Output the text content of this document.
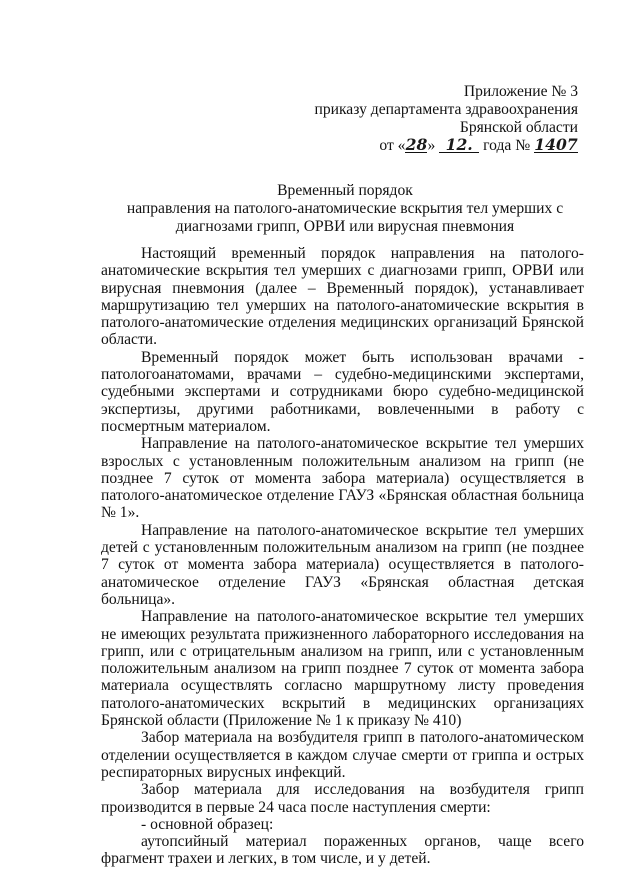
Приложение № 3
приказу департамента здравоохранения
Брянской области
от «28» 12. года № 1407
Временный порядок
направления на патолого-анатомические вскрытия тел умерших с
диагнозами грипп, ОРВИ или вирусная пневмония

Настоящий временный порядок направления на патолого-анатомические вскрытия тел умерших с диагнозами грипп, ОРВИ или вирусная пневмония (далее – Временный порядок), устанавливает маршрутизацию тел умерших на патолого-анатомические вскрытия в патолого-анатомические отделения медицинских организаций Брянской области.

Временный порядок может быть использован врачами - патологоанатомами, врачами – судебно-медицинскими экспертами, судебными экспертами и сотрудниками бюро судебно-медицинской экспертизы, другими работниками, вовлеченными в работу с посмертным материалом.

Направление на патолого-анатомическое вскрытие тел умерших взрослых с установленным положительным анализом на грипп (не позднее 7 суток от момента забора материала) осуществляется в патолого-анатомическое отделение ГАУЗ «Брянская областная больница № 1».

Направление на патолого-анатомическое вскрытие тел умерших детей с установленным положительным анализом на грипп (не позднее 7 суток от момента забора материала) осуществляется в патолого-анатомическое отделение ГАУЗ «Брянская областная детская больница».

Направление на патолого-анатомическое вскрытие тел умерших не имеющих результата прижизненного лабораторного исследования на грипп, или с отрицательным анализом на грипп, или с установленным положительным анализом на грипп позднее 7 суток от момента забора материала осуществлять согласно маршрутному листу проведения патолого-анатомических вскрытий в медицинских организациях Брянской области (Приложение № 1 к приказу № 410)

Забор материала на возбудителя грипп в патолого-анатомическом отделении осуществляется в каждом случае смерти от гриппа и острых респираторных вирусных инфекций.

Забор материала для исследования на возбудителя грипп производится в первые 24 часа после наступления смерти:

- основной образец:

аутопсийный материал пораженных органов, чаще всего фрагмент трахеи и легких, в том числе, и у детей.
